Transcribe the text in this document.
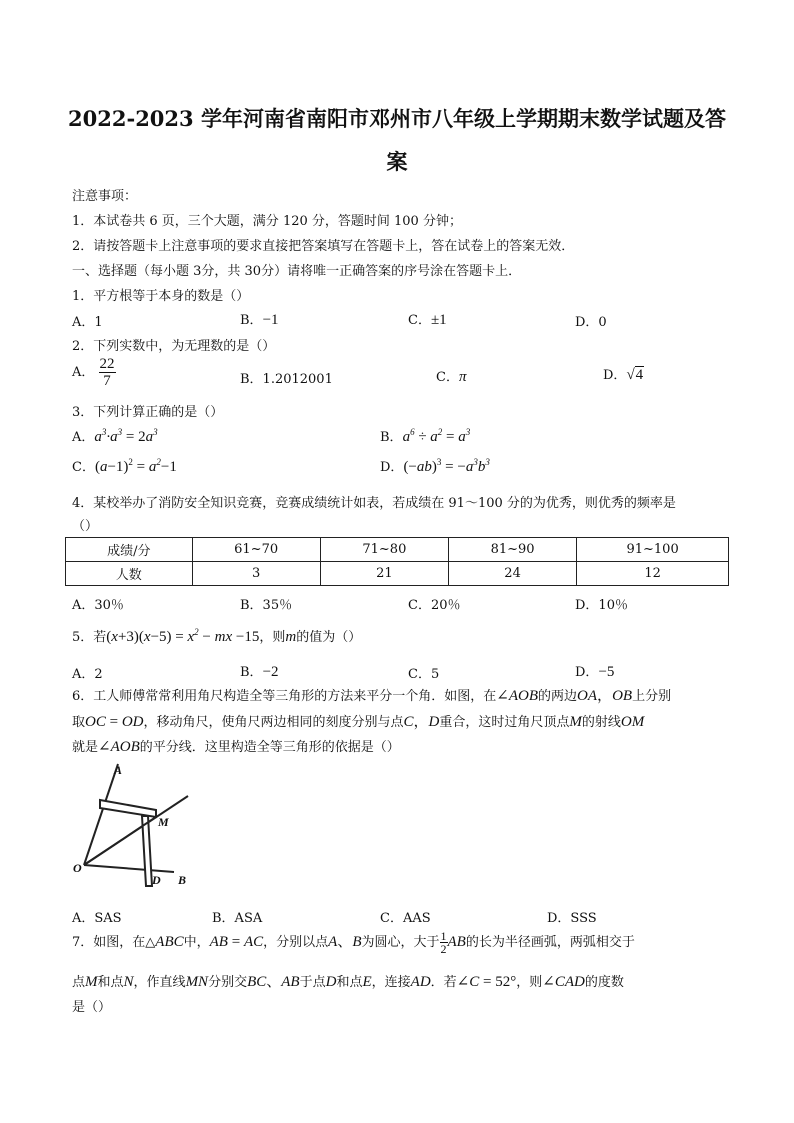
2022-2023 学年河南省南阳市邓州市八年级上学期期末数学试题及答
案
注意事项：
1．本试卷共 6 页，三个大题，满分 120 分，答题时间 100 分钟；
2．请按答题卡上注意事项的要求直接把答案填写在答题卡上，答在试卷上的答案无效．
一、选择题（每小题 3分，共 30分）请将唯一正确答案的序号涂在答题卡上．
1．平方根等于本身的数是（）
A．1	B．−1	C．±1	D．0
2．下列实数中，为无理数的是（）
A． $\frac{22}{7}$	B．1.2012001	C．π	D．√4
3．下列计算正确的是（）
A．$a^3\cdot a^3 = 2a^3$	B．$a^6 \div a^2 = a^3$
C．$(a-1)^2 = a^2-1$	D．$(-ab)^3 = -a^3b^3$
4．某校举办了消防安全知识竞赛，竞赛成绩统计如表，若成绩在 91～100 分的为优秀，则优秀的频率是
（）
成绩/分	61~70	71~80	81~90	91~100
人数	3	21	24	12
A．30％	B．35％	C．20％	D．10％
5．若$(x+3)(x-5) = x^2$ − mx −15，则m的值为（）
A．2	B．−2	C．5	D．−5
6．工人师傅常常利用角尺构造全等三角形的方法来平分一个角．如图，在∠AOB的两边OA，OB上分别
取OC = OD，移动角尺，使角尺两边相同的刻度分别与点C，D重合，这时过角尺顶点M的射线OM
就是∠AOB的平分线．这里构造全等三角形的依据是（）
A
M
O
D B
A．SAS	B．ASA	C．AAS	D．SSS
7．如图，在△ABC中，AB = AC，分别以点A、B为圆心，大于 $\frac{1}{2}$ AB的长为半径画弧，两弧相交于
点M和点N，作直线MN分别交BC、AB于点D和点E，连接AD．若∠C = 52°，则∠CAD的度数
是（）
